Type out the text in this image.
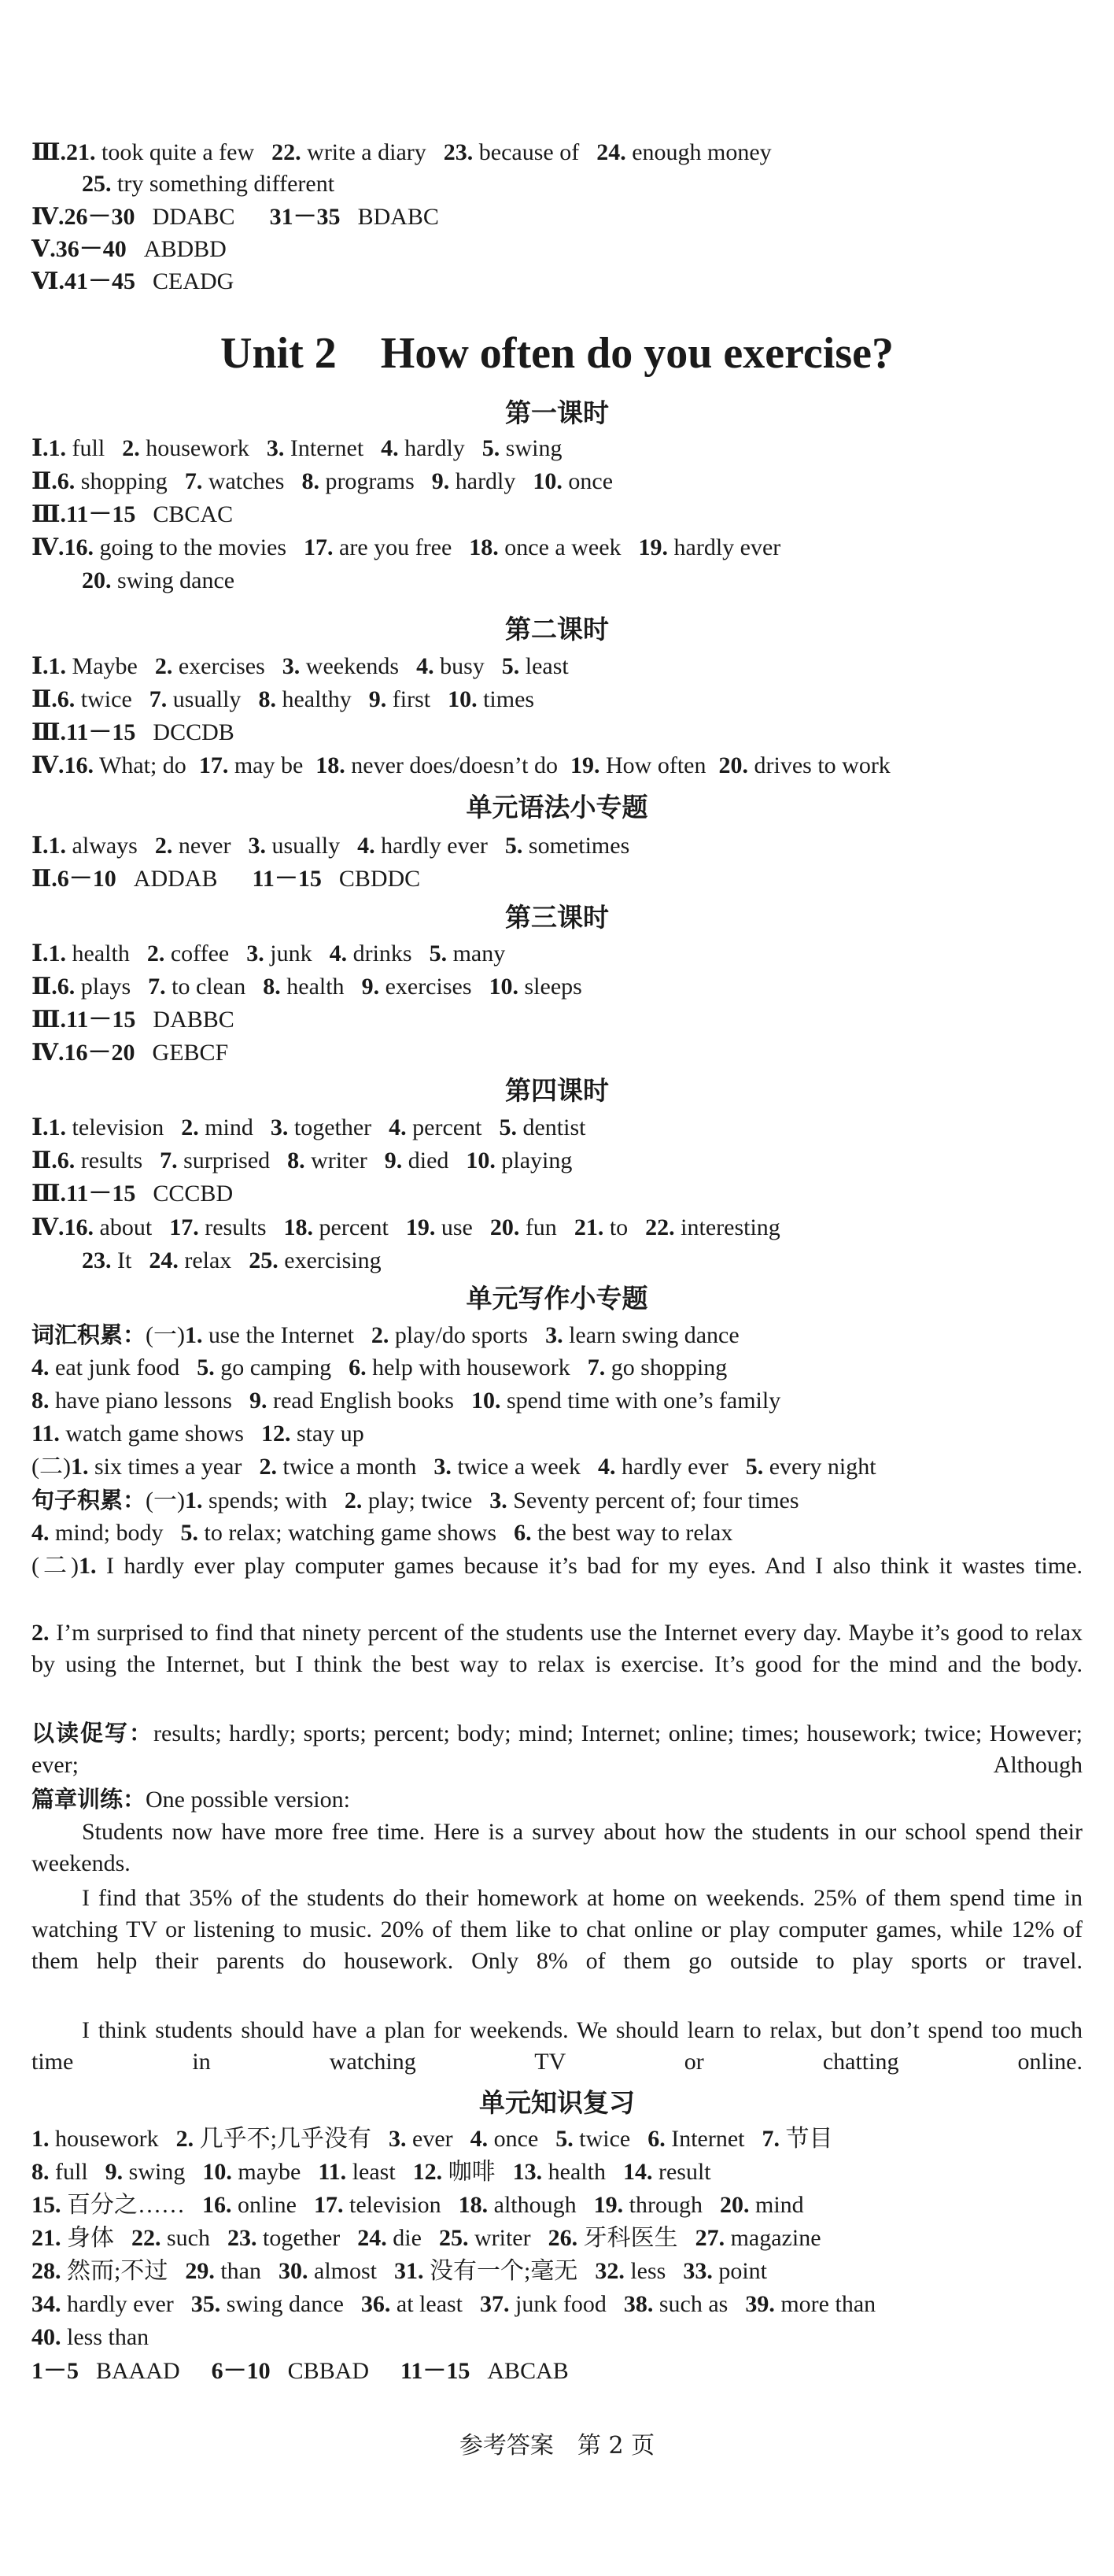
Ⅲ.21. took quite a few 22. write a diary 23. because of 24. enough money
25. try something different
Ⅳ.26－30 DDABC 31－35 BDABC
Ⅴ.36－40 ABDBD
Ⅵ.41－45 CEADG
Unit 2　How often do you exercise?
第一课时
Ⅰ.1. full 2. housework 3. Internet 4. hardly 5. swing
Ⅱ.6. shopping 7. watches 8. programs 9. hardly 10. once
Ⅲ.11－15 CBCAC
Ⅳ.16. going to the movies 17. are you free 18. once a week 19. hardly ever
20. swing dance
第二课时
Ⅰ.1. Maybe 2. exercises 3. weekends 4. busy 5. least
Ⅱ.6. twice 7. usually 8. healthy 9. first 10. times
Ⅲ.11－15 DCCDB
Ⅳ.16. What; do 17. may be 18. never does/doesn’t do 19. How often 20. drives to work
单元语法小专题
Ⅰ.1. always 2. never 3. usually 4. hardly ever 5. sometimes
Ⅱ.6－10 ADDAB 11－15 CBDDC
第三课时
Ⅰ.1. health 2. coffee 3. junk 4. drinks 5. many
Ⅱ.6. plays 7. to clean 8. health 9. exercises 10. sleeps
Ⅲ.11－15 DABBC
Ⅳ.16－20 GEBCF
第四课时
Ⅰ.1. television 2. mind 3. together 4. percent 5. dentist
Ⅱ.6. results 7. surprised 8. writer 9. died 10. playing
Ⅲ.11－15 CCCBD
Ⅳ.16. about 17. results 18. percent 19. use 20. fun 21. to 22. interesting
23. It 24. relax 25. exercising
单元写作小专题
词汇积累：(一)1. use the Internet 2. play/do sports 3. learn swing dance
4. eat junk food 5. go camping 6. help with housework 7. go shopping
8. have piano lessons 9. read English books 10. spend time with one’s family
11. watch game shows 12. stay up
(二)1. six times a year 2. twice a month 3. twice a week 4. hardly ever 5. every night
句子积累：(一)1. spends; with 2. play; twice 3. Seventy percent of; four times
4. mind; body 5. to relax; watching game shows 6. the best way to relax
(二)1. I hardly ever play computer games because it’s bad for my eyes. And I also think it wastes time.
2. I’m surprised to find that ninety percent of the students use the Internet every day. Maybe it’s good to relax by using the Internet, but I think the best way to relax is exercise. It’s good for the mind and the body.
以读促写：results; hardly; sports; percent; body; mind; Internet; online; times; housework; twice; However; ever; Although
篇章训练：One possible version:
Students now have more free time. Here is a survey about how the students in our school spend their weekends.
I find that 35% of the students do their homework at home on weekends. 25% of them spend time in watching TV or listening to music. 20% of them like to chat online or play computer games, while 12% of them help their parents do housework. Only 8% of them go outside to play sports or travel.
I think students should have a plan for weekends. We should learn to relax, but don’t spend too much time in watching TV or chatting online.
单元知识复习
1. housework 2. 几乎不;几乎没有 3. ever 4. once 5. twice 6. Internet 7. 节目
8. full 9. swing 10. maybe 11. least 12. 咖啡 13. health 14. result
15. 百分之…… 16. online 17. television 18. although 19. through 20. mind
21. 身体 22. such 23. together 24. die 25. writer 26. 牙科医生 27. magazine
28. 然而;不过 29. than 30. almost 31. 没有一个;毫无 32. less 33. point
34. hardly ever 35. swing dance 36. at least 37. junk food 38. such as 39. more than
40. less than
1－5 BAAAD 6－10 CBBAD 11－15 ABCAB
参考答案　第 2 页
